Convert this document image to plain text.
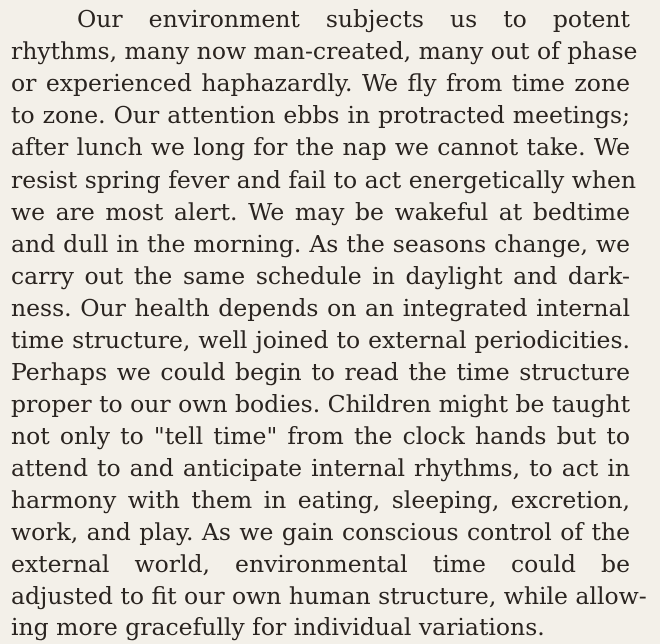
Our environment subjects us to potent
rhythms, many now man-created, many out of phase
or experienced haphazardly. We fly from time zone
to zone. Our attention ebbs in protracted meetings;
after lunch we long for the nap we cannot take. We
resist spring fever and fail to act energetically when
we are most alert. We may be wakeful at bedtime
and dull in the morning. As the seasons change, we
carry out the same schedule in daylight and dark-
ness. Our health depends on an integrated internal
time structure, well joined to external periodicities.
Perhaps we could begin to read the time structure
proper to our own bodies. Children might be taught
not only to "tell time" from the clock hands but to
attend to and anticipate internal rhythms, to act in
harmony with them in eating, sleeping, excretion,
work, and play. As we gain conscious control of the
external world, environmental time could be
adjusted to fit our own human structure, while allow-
ing more gracefully for individual variations.
